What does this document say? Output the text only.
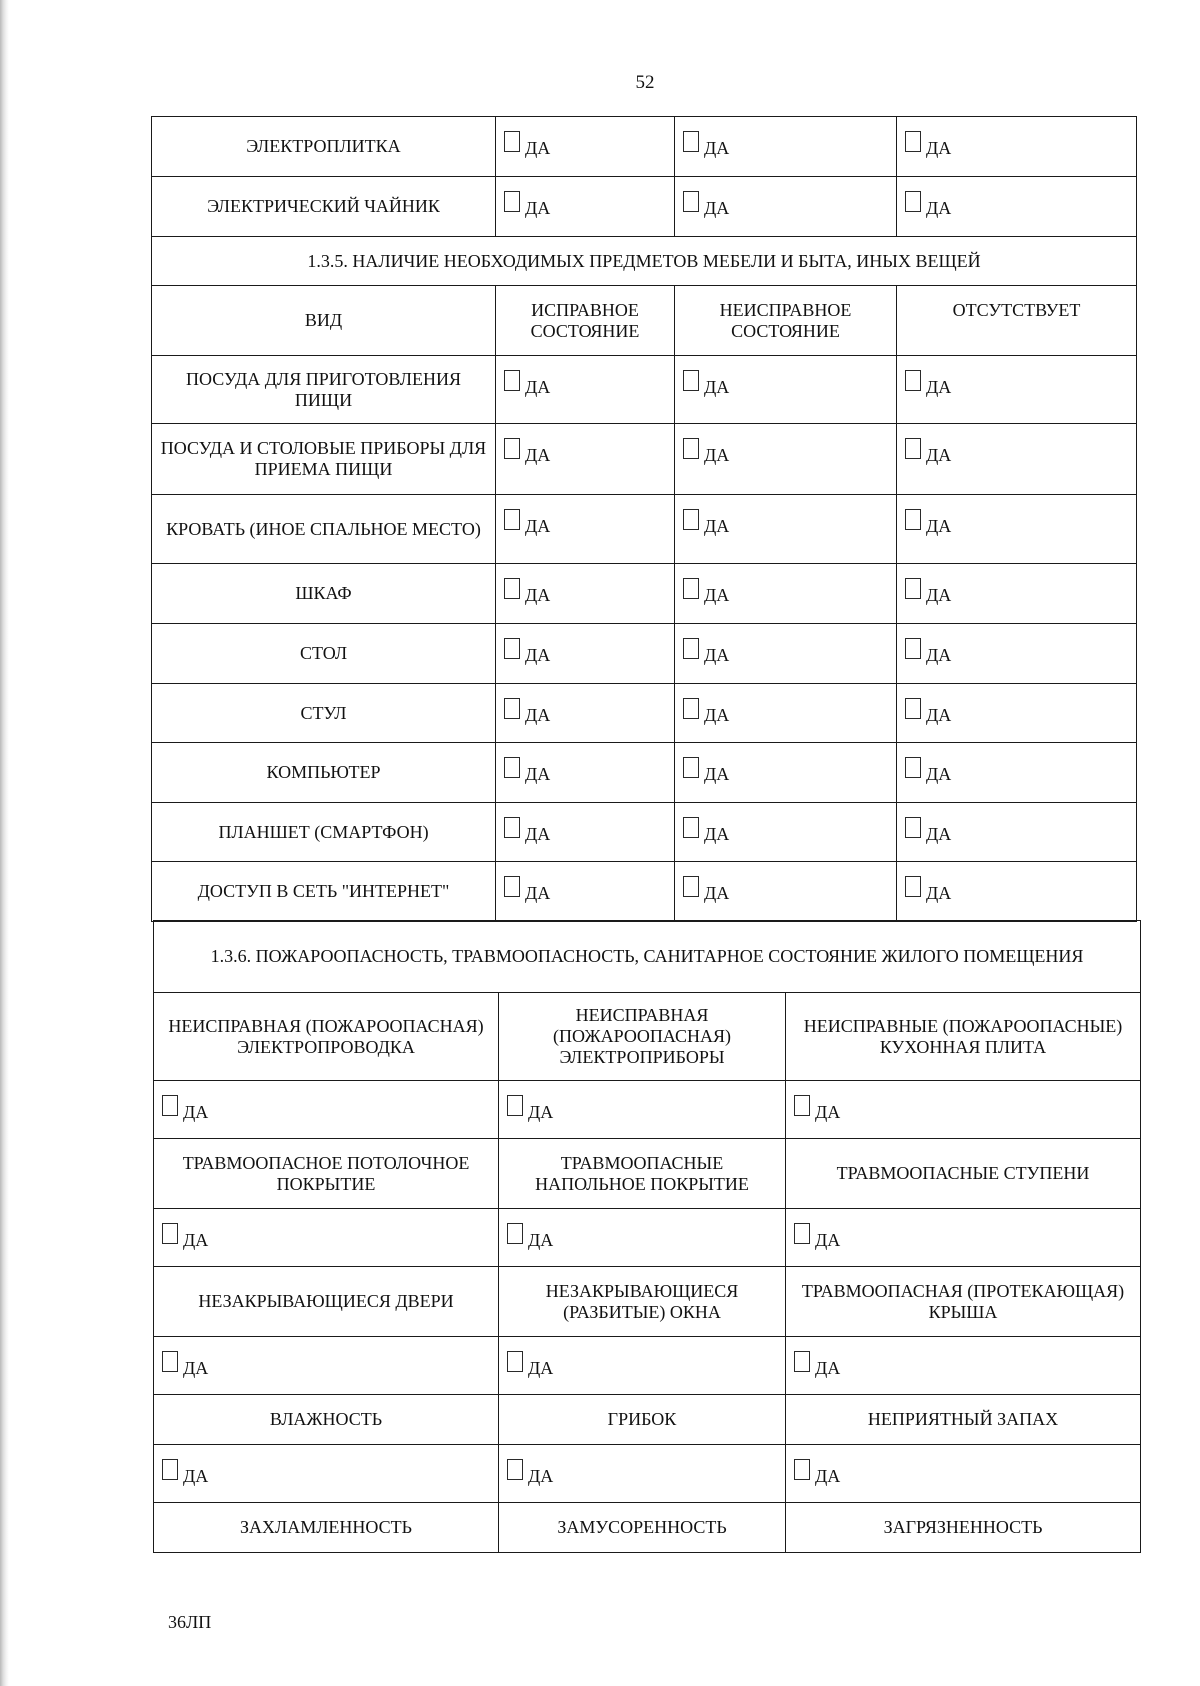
52
ЭЛЕКТРОПЛИТКА	ДА	ДА	ДА
ЭЛЕКТРИЧЕСКИЙ ЧАЙНИК	ДА	ДА	ДА
1.3.5. НАЛИЧИЕ НЕОБХОДИМЫХ ПРЕДМЕТОВ МЕБЕЛИ И БЫТА, ИНЫХ ВЕЩЕЙ			
ВИД	ИСПРАВНОЕ СОСТОЯНИЕ	НЕИСПРАВНОЕ СОСТОЯНИЕ	ОТСУТСТВУЕТ
ПОСУДА ДЛЯ ПРИГОТОВЛЕНИЯ ПИЩИ	ДА	ДА	ДА
ПОСУДА И СТОЛОВЫЕ ПРИБОРЫ ДЛЯ ПРИЕМА ПИЩИ	ДА	ДА	ДА
КРОВАТЬ (ИНОЕ СПАЛЬНОЕ МЕСТО)	ДА	ДА	ДА
ШКАФ	ДА	ДА	ДА
СТОЛ	ДА	ДА	ДА
СТУЛ	ДА	ДА	ДА
КОМПЬЮТЕР	ДА	ДА	ДА
ПЛАНШЕТ (СМАРТФОН)	ДА	ДА	ДА
ДОСТУП В СЕТЬ "ИНТЕРНЕТ"	ДА	ДА	ДА
1.3.6. ПОЖАРООПАСНОСТЬ, ТРАВМООПАСНОСТЬ, САНИТАРНОЕ СОСТОЯНИЕ ЖИЛОГО ПОМЕЩЕНИЯ		
НЕИСПРАВНАЯ (ПОЖАРООПАСНАЯ) ЭЛЕКТРОПРОВОДКА	НЕИСПРАВНАЯ (ПОЖАРООПАСНАЯ) ЭЛЕКТРОПРИБОРЫ	НЕИСПРАВНЫЕ (ПОЖАРООПАСНЫЕ) КУХОННАЯ ПЛИТА
ДА	ДА	ДА
ТРАВМООПАСНОЕ ПОТОЛОЧНОЕ ПОКРЫТИЕ	ТРАВМООПАСНЫЕ НАПОЛЬНОЕ ПОКРЫТИЕ	ТРАВМООПАСНЫЕ СТУПЕНИ
ДА	ДА	ДА
НЕЗАКРЫВАЮЩИЕСЯ ДВЕРИ	НЕЗАКРЫВАЮЩИЕСЯ (РАЗБИТЫЕ) ОКНА	ТРАВМООПАСНАЯ (ПРОТЕКАЮЩАЯ) КРЫША
ДА	ДА	ДА
ВЛАЖНОСТЬ	ГРИБОК	НЕПРИЯТНЫЙ ЗАПАХ
ДА	ДА	ДА
ЗАХЛАМЛЕННОСТЬ	ЗАМУСОРЕННОСТЬ	ЗАГРЯЗНЕННОСТЬ
36ЛП
